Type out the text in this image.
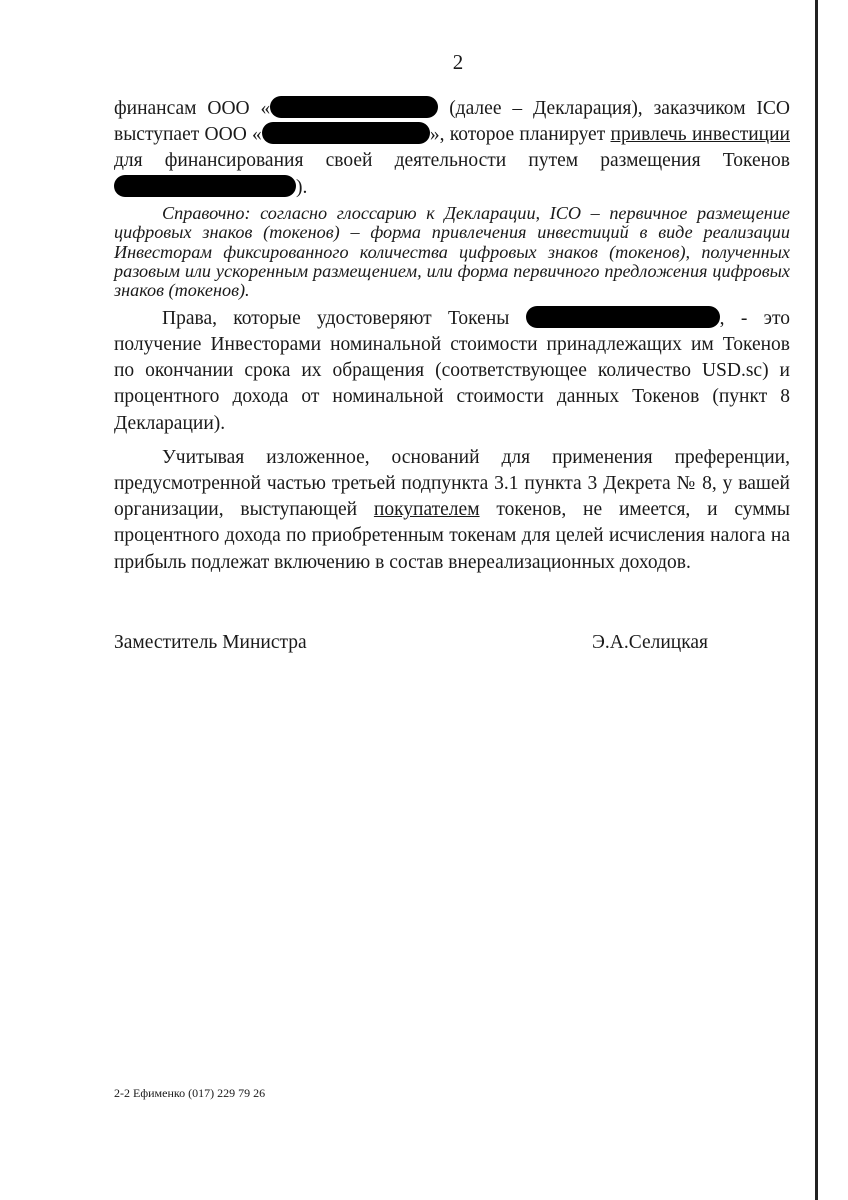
2

финансам ООО «	(далее – Декларация), заказчиком ICO выступает ООО «	», которое планирует привлечь инвестиции для финансирования своей деятельности путем размещения Токенов).

Справочно: согласно глоссарию к Декларации, ICO – первичное размещение цифровых знаков (токенов) – форма привлечения инвестиций в виде реализации Инвесторам фиксированного количества цифровых знаков (токенов), полученных разовым или ускоренным размещением, или форма первичного предложения цифровых знаков (токенов).

Права, которые удостоверяют Токены	, - это получение Инвесторами номинальной стоимости принадлежащих им Токенов по окончании срока их обращения (соответствующее количество USD.sc) и процентного дохода от номинальной стоимости данных Токенов (пункт 8 Декларации).

Учитывая изложенное, оснований для применения преференции, предусмотренной частью третьей подпункта 3.1 пункта 3 Декрета № 8, у вашей организации, выступающей покупателем токенов, не имеется, и суммы процентного дохода по приобретенным токенам для целей исчисления налога на прибыль подлежат включению в состав внереализационных доходов.

Заместитель Министра	Э.А.Селицкая
2-2 Ефименко (017) 229 79 26
